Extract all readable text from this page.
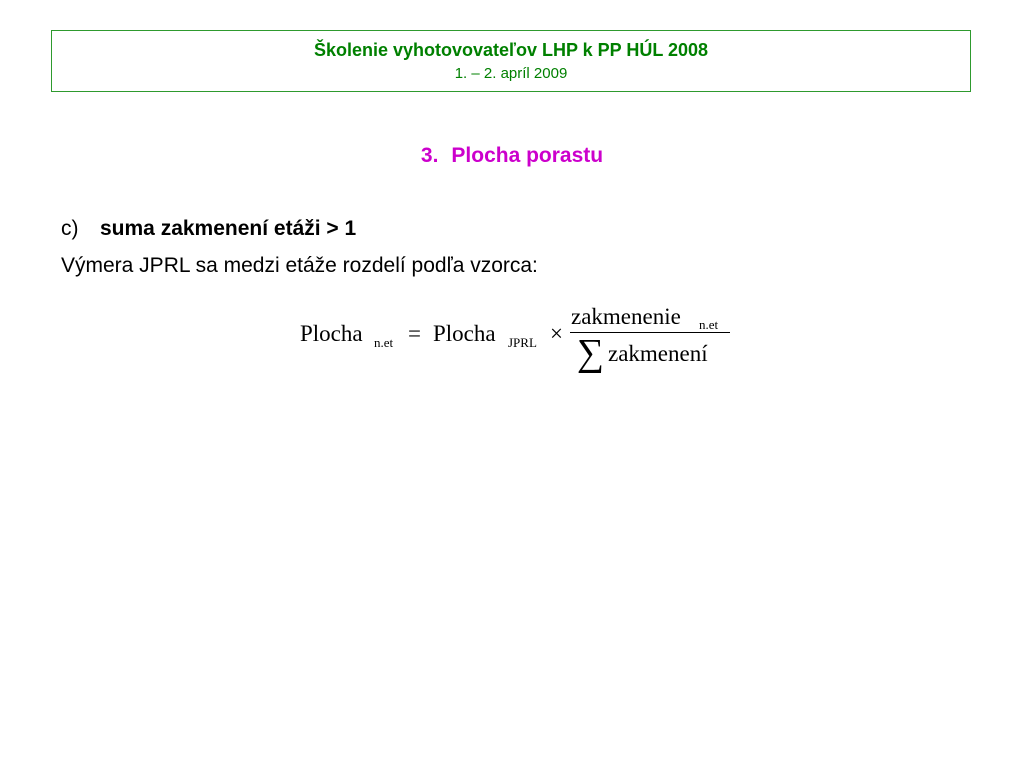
Školenie vyhotovovateľov LHP k PP HÚL 2008
1. – 2. apríl 2009
3. Plocha porastu
c) suma zakmenení etáži > 1
Výmera JPRL sa medzi etáže rozdelí podľa vzorca:
Plocha n.et = Plocha JPRL ×
zakmenenie n.et
∑ zakmenení
